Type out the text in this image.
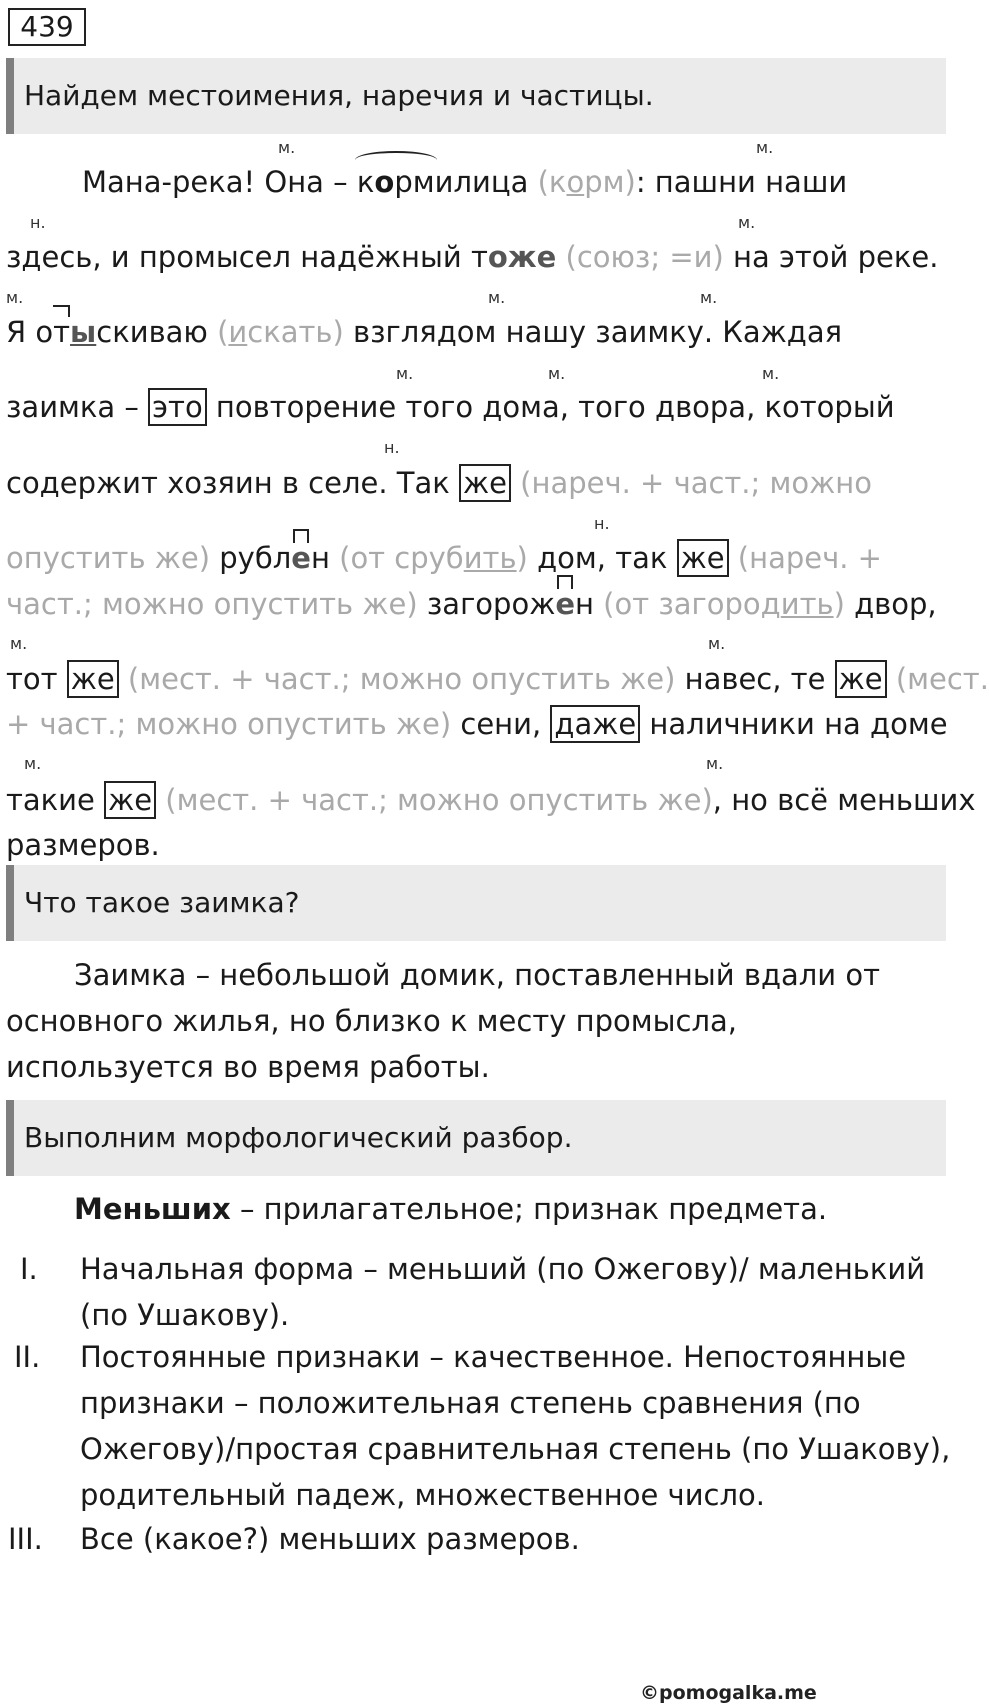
439
Найдем местоимения, наречия и частицы.
м.	м.
н.	м.
м.	м.	м.
м.	м.	м.
н.
н.
м.	м.
м.	м.
Мана-река! Она – кормилица (корм): пашни наши
здесь, и промысел надёжный тоже (союз; =и) на этой реке.
Я отыскиваю (искать) взглядом нашу заимку. Каждая
заимка – это повторение того дома, того двора, который
содержит хозяин в селе. Так же (нареч. + част.; можно
опустить же) рублен (от срубить) дом, так же (нареч. +
част.; можно опустить же) загорожен (от загородить) двор,
тот же (мест. + част.; можно опустить же) навес, те же (мест.
+ част.; можно опустить же) сени, даже наличники на доме
такие же (мест. + част.; можно опустить же), но всё меньших
размеров.
Что такое заимка?
Заимка – небольшой домик, поставленный вдали от
основного жилья, но близко к месту промысла,
используется во время работы.
Выполним морфологический разбор.
Меньших – прилагательное; признак предмета.
I. Начальная форма – меньший (по Ожегову)/ маленький
(по Ушакову).
II. Постоянные признаки – качественное. Непостоянные
признаки – положительная степень сравнения (по
Ожегову)/простая сравнительная степень (по Ушакову),
родительный падеж, множественное число.
III. Все (какое?) меньших размеров.
©pomogalka.me
